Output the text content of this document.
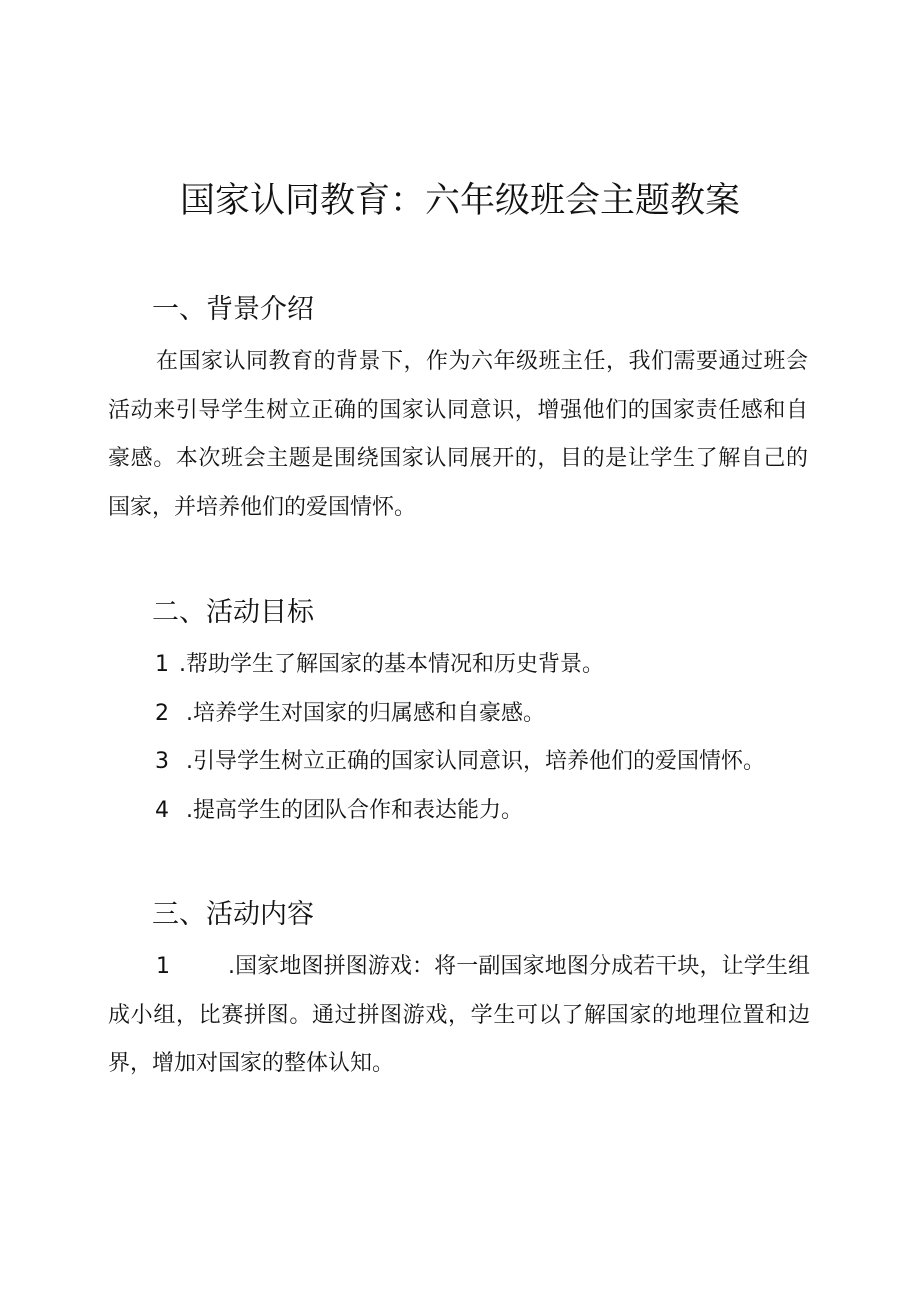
国家认同教育：六年级班会主题教案
一、背景介绍

在国家认同教育的背景下，作为六年级班主任，我们需要通过班会活动来引导学生树立正确的国家认同意识，增强他们的国家责任感和自豪感。本次班会主题是围绕国家认同展开的，目的是让学生了解自己的国家，并培养他们的爱国情怀。

二、活动目标
1 . 帮助学生了解国家的基本情况和历史背景。
2 . 培养学生对国家的归属感和自豪感。
3 . 引导学生树立正确的国家认同意识，培养他们的爱国情怀。
4 . 提高学生的团队合作和表达能力。
三、活动内容

1	.国家地图拼图游戏：将一副国家地图分成若干块，让学生组成小组，比赛拼图。通过拼图游戏，学生可以了解国家的地理位置和边界，增加对国家的整体认知。
